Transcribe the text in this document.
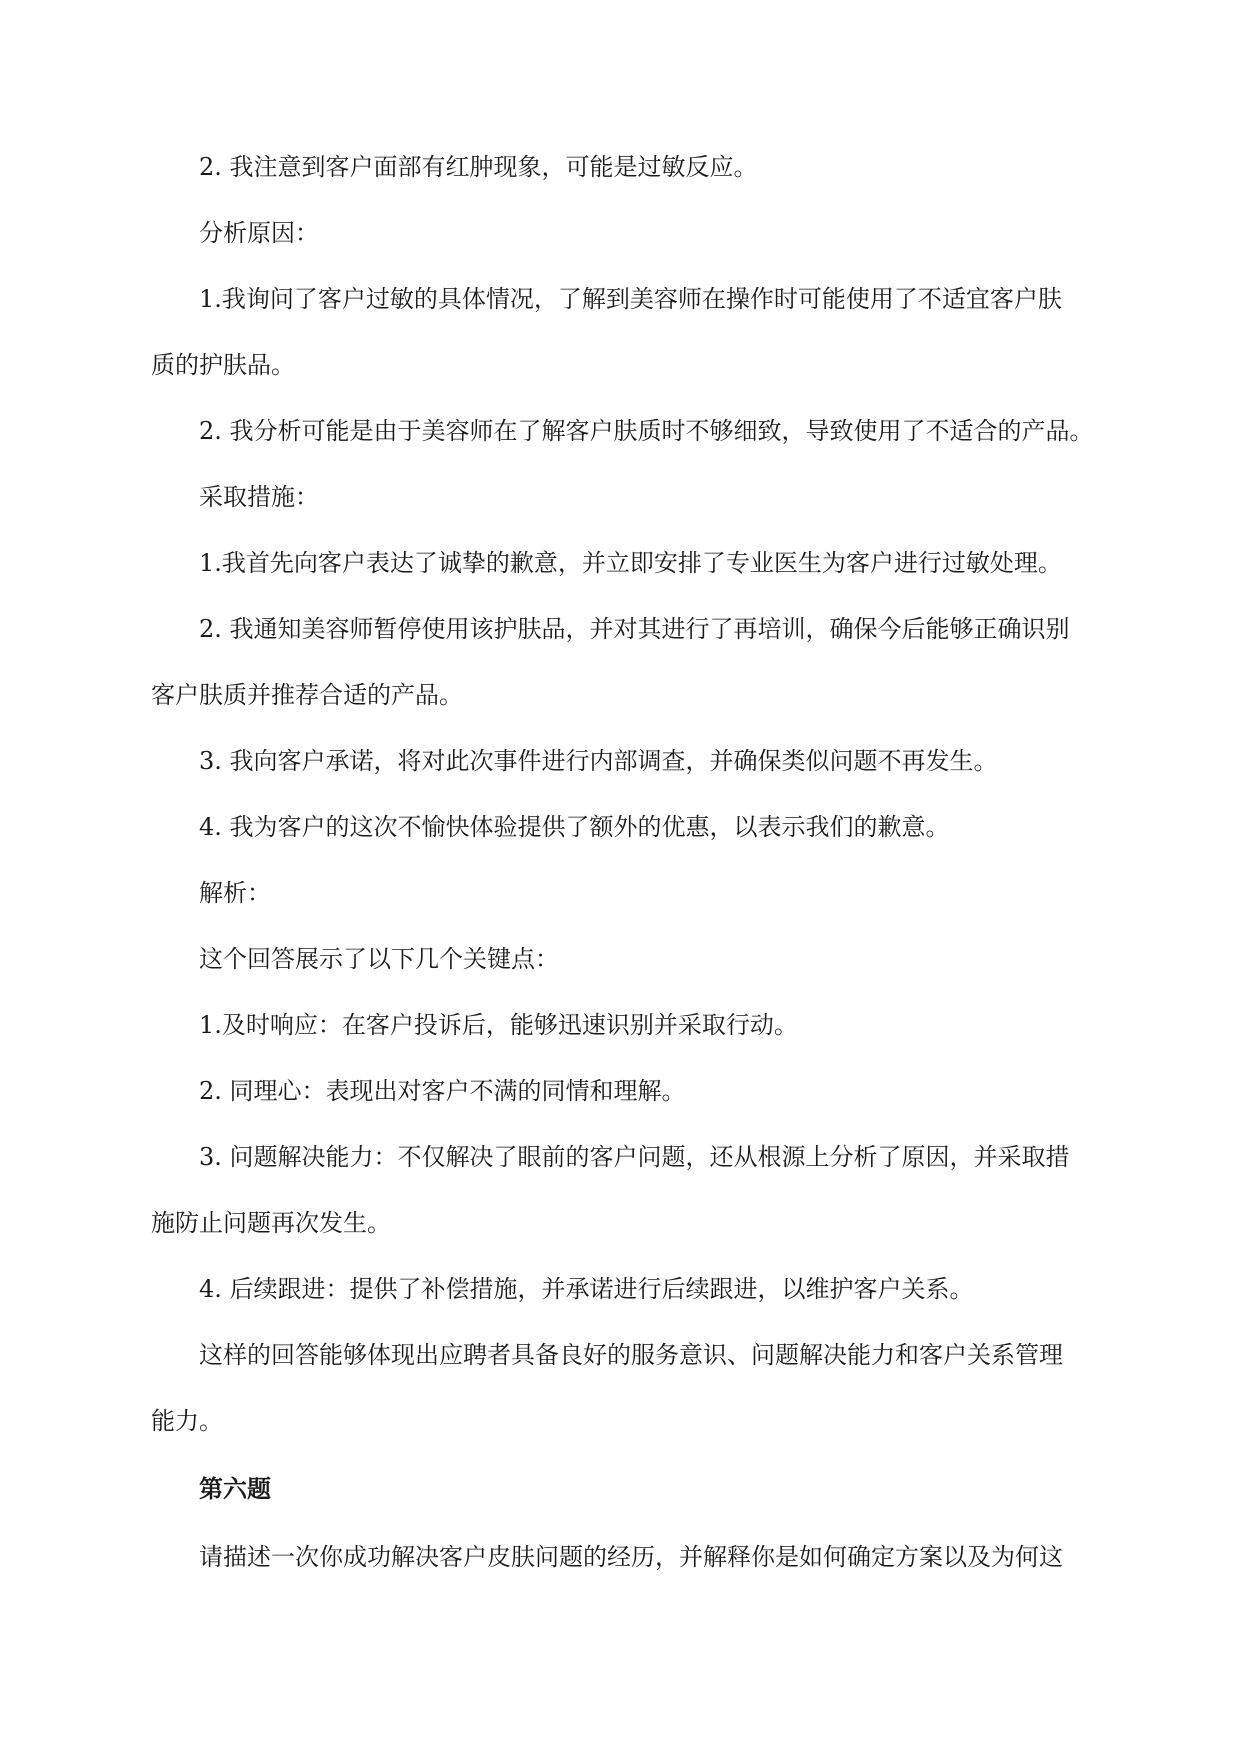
2. 我注意到客户面部有红肿现象，可能是过敏反应。

分析原因：

1.我询问了客户过敏的具体情况，了解到美容师在操作时可能使用了不适宜客户肤
质的护肤品。

2. 我分析可能是由于美容师在了解客户肤质时不够细致，导致使用了不适合的产品。

采取措施：

1.我首先向客户表达了诚挚的歉意，并立即安排了专业医生为客户进行过敏处理。

2. 我通知美容师暂停使用该护肤品，并对其进行了再培训，确保今后能够正确识别
客户肤质并推荐合适的产品。

3. 我向客户承诺，将对此次事件进行内部调查，并确保类似问题不再发生。

4. 我为客户的这次不愉快体验提供了额外的优惠，以表示我们的歉意。

解析：

这个回答展示了以下几个关键点：

1.及时响应：在客户投诉后，能够迅速识别并采取行动。

2. 同理心：表现出对客户不满的同情和理解。

3. 问题解决能力：不仅解决了眼前的客户问题，还从根源上分析了原因，并采取措
施防止问题再次发生。

4. 后续跟进：提供了补偿措施，并承诺进行后续跟进，以维护客户关系。

这样的回答能够体现出应聘者具备良好的服务意识、问题解决能力和客户关系管理
能力。

第六题

请描述一次你成功解决客户皮肤问题的经历，并解释你是如何确定方案以及为何这
